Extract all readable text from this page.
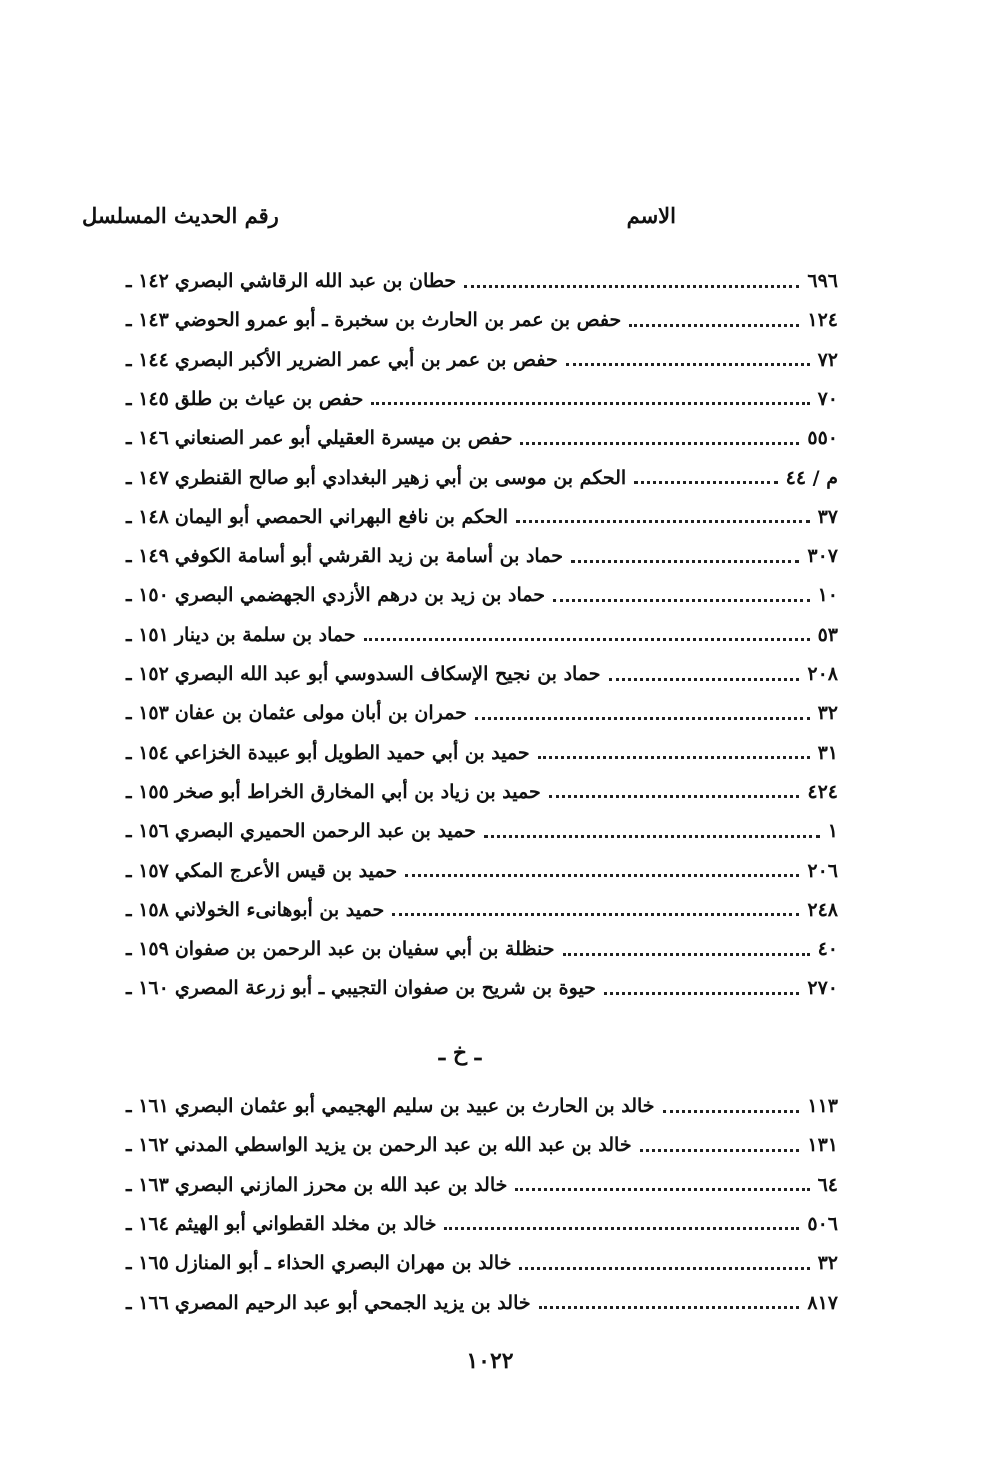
الاسم
رقم الحديث المسلسل
١٤٢ ـ حطان بن عبد الله الرقاشي البصري	٦٩٦
١٤٣ ـ حفص بن عمر بن الحارث بن سخبرة ـ أبو عمرو الحوضي	١٢٤
١٤٤ ـ حفص بن عمر بن أبي عمر الضرير الأكبر البصري	٧٢
١٤٥ ـ حفص بن عياث بن طلق	٧٠
١٤٦ ـ حفص بن ميسرة العقيلي أبو عمر الصنعاني	٥٥٠
١٤٧ ـ الحكم بن موسى بن أبي زهير البغدادي أبو صالح القنطري	م / ٤٤
١٤٨ ـ الحكم بن نافع البهراني الحمصي أبو اليمان	٣٧
١٤٩ ـ حماد بن أسامة بن زيد القرشي أبو أسامة الكوفي	٣٠٧
١٥٠ ـ حماد بن زيد بن درهم الأزدي الجهضمي البصري	١٠
١٥١ ـ حماد بن سلمة بن دينار	٥٣
١٥٢ ـ حماد بن نجيح الإسكاف السدوسي أبو عبد الله البصري	٢٠٨
١٥٣ ـ حمران بن أبان مولى عثمان بن عفان	٣٢
١٥٤ ـ حميد بن أبي حميد الطويل أبو عبيدة الخزاعي	٣١
١٥٥ ـ حميد بن زياد بن أبي المخارق الخراط أبو صخر	٤٢٤
١٥٦ ـ حميد بن عبد الرحمن الحميري البصري	١
١٥٧ ـ حميد بن قيس الأعرج المكي	٢٠٦
١٥٨ ـ حميد بن أبوهانىء الخولاني	٢٤٨
١٥٩ ـ حنظلة بن أبي سفيان بن عبد الرحمن بن صفوان	٤٠
١٦٠ ـ حيوة بن شريح بن صفوان التجيبي ـ أبو زرعة المصري	٢٧٠
١٦١ ـ خالد بن الحارث بن عبيد بن سليم الهجيمي أبو عثمان البصري	١١٣
١٦٢ ـ خالد بن عبد الله بن عبد الرحمن بن يزيد الواسطي المدني	١٣١
١٦٣ ـ خالد بن عبد الله بن محرز المازني البصري	٦٤
١٦٤ ـ خالد بن مخلد القطواني أبو الهيثم	٥٠٦
١٦٥ ـ خالد بن مهران البصري الحذاء ـ أبو المنازل	٣٢
١٦٦ ـ خالد بن يزيد الجمحي أبو عبد الرحيم المصري	٨١٧
ـ خ ـ
١٠٢٢
